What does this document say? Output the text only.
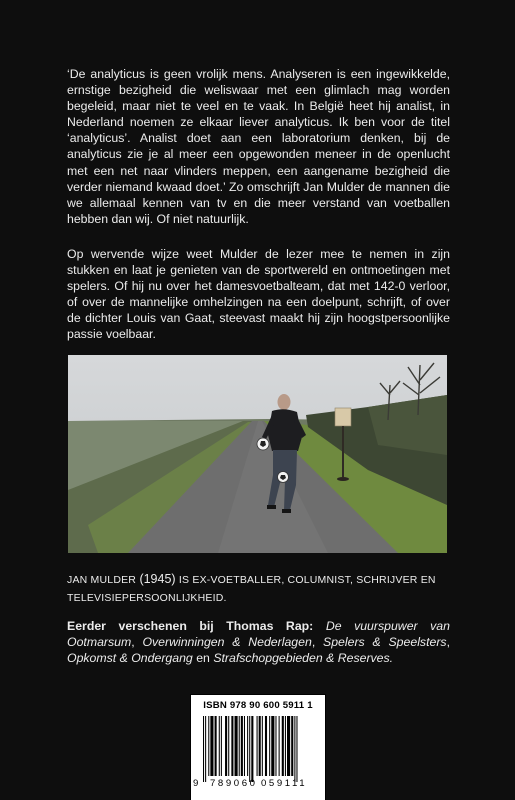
‘De analyticus is geen vrolijk mens. Analyseren is een ingewikkelde, ernstige bezigheid die weliswaar met een glimlach mag worden begeleid, maar niet te veel en te vaak. In België heet hij analist, in Nederland noemen ze elkaar liever analyticus. Ik ben voor de titel ‘analyticus’. Analist doet aan een laboratorium denken, bij de analyticus zie je al meer een opgewonden meneer in de openlucht met een net naar vlinders meppen, een aangename bezigheid die verder niemand kwaad doet.’ Zo omschrijft Jan Mulder de mannen die we allemaal kennen van tv en die meer verstand van voetballen hebben dan wij. Of niet natuurlijk.

Op wervende wijze weet Mulder de lezer mee te nemen in zijn stukken en laat je genieten van de sportwereld en ontmoetingen met spelers. Of hij nu over het damesvoetbalteam, dat met 142-0 verloor, of over de mannelijke omhelzingen na een doelpunt, schrijft, of over de dichter Louis van Gaat, steevast maakt hij zijn hoogstpersoonlijke passie voelbaar.

JAN MULDER (1945) IS EX-VOETBALLER, COLUMNIST, SCHRIJVER EN TELEVISIEPERSOONLIJKHEID.

Eerder verschenen bij Thomas Rap: De vuurspuwer van Ootmarsum, Overwinningen & Nederlagen, Spelers & Speelsters, Opkomst & Ondergang en Strafschopgebieden & Reserves.

ISBN 978 90 600 5911 1
9 789060 059111
